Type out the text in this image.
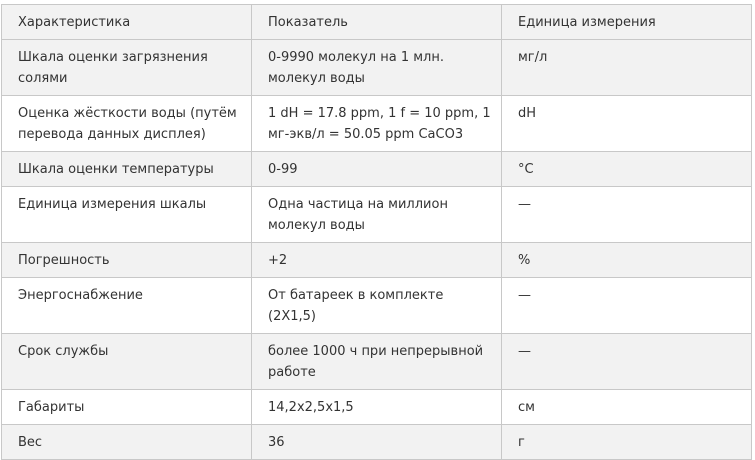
Характеристика	Показатель	Единица измерения
Шкала оценки загрязнения солями	0-9990 молекул на 1 млн. молекул воды	мг/л
Оценка жёсткости воды (путём перевода данных дисплея)	1 dH = 17.8 ppm, 1 f = 10 ppm, 1 мг-экв/л = 50.05 ppm CaCO3	dH
Шкала оценки температуры	0-99	°С
Единица измерения шкалы	Одна частица на миллион молекул воды	—
Погрешность	+2	%
Энергоснабжение	От батареек в комплекте (2Х1,5)	—
Срок службы	более 1000 ч при непрерывной работе	—
Габариты	14,2х2,5х1,5	см
Вес	36	г
